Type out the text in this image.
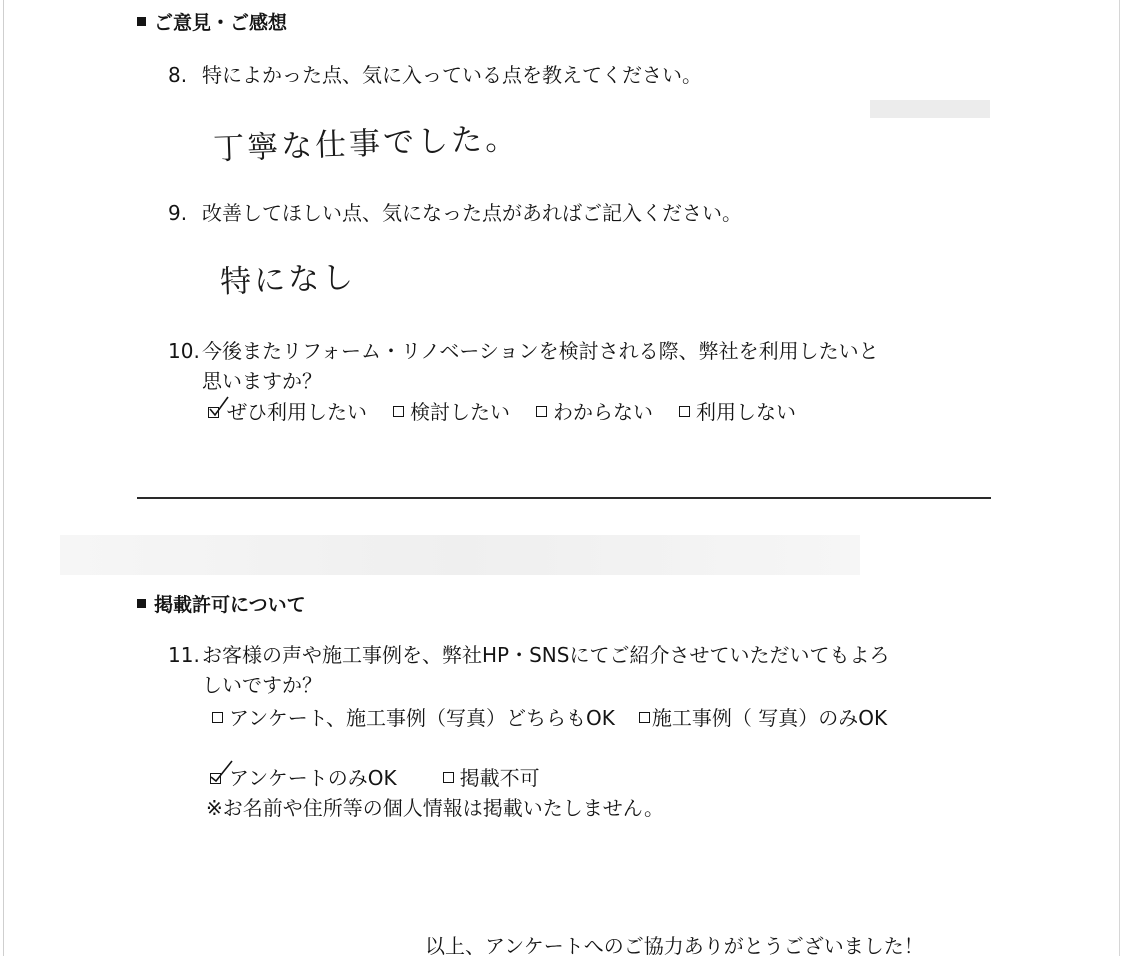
ご意見・ご感想
8. 特によかった点、気に入っている点を教えてください。
丁寧な仕事でした。
9. 改善してほしい点、気になった点があればご記入ください。
特になし
10. 今後またリフォーム・リノベーションを検討される際、弊社を利用したいと
思いますか？
ぜひ利用したい 検討したい わからない 利用しない
掲載許可について
11. お客様の声や施工事例を、弊社HP・SNSにてご紹介させていただいてもよろ
しいですか？
アンケート、施工事例（写真）どちらもOK 施工事例（ 写真）のみOK
アンケートのみOK	掲載不可
※お名前や住所等の個人情報は掲載いたしません。
以上、アンケートへのご協力ありがとうございました！
